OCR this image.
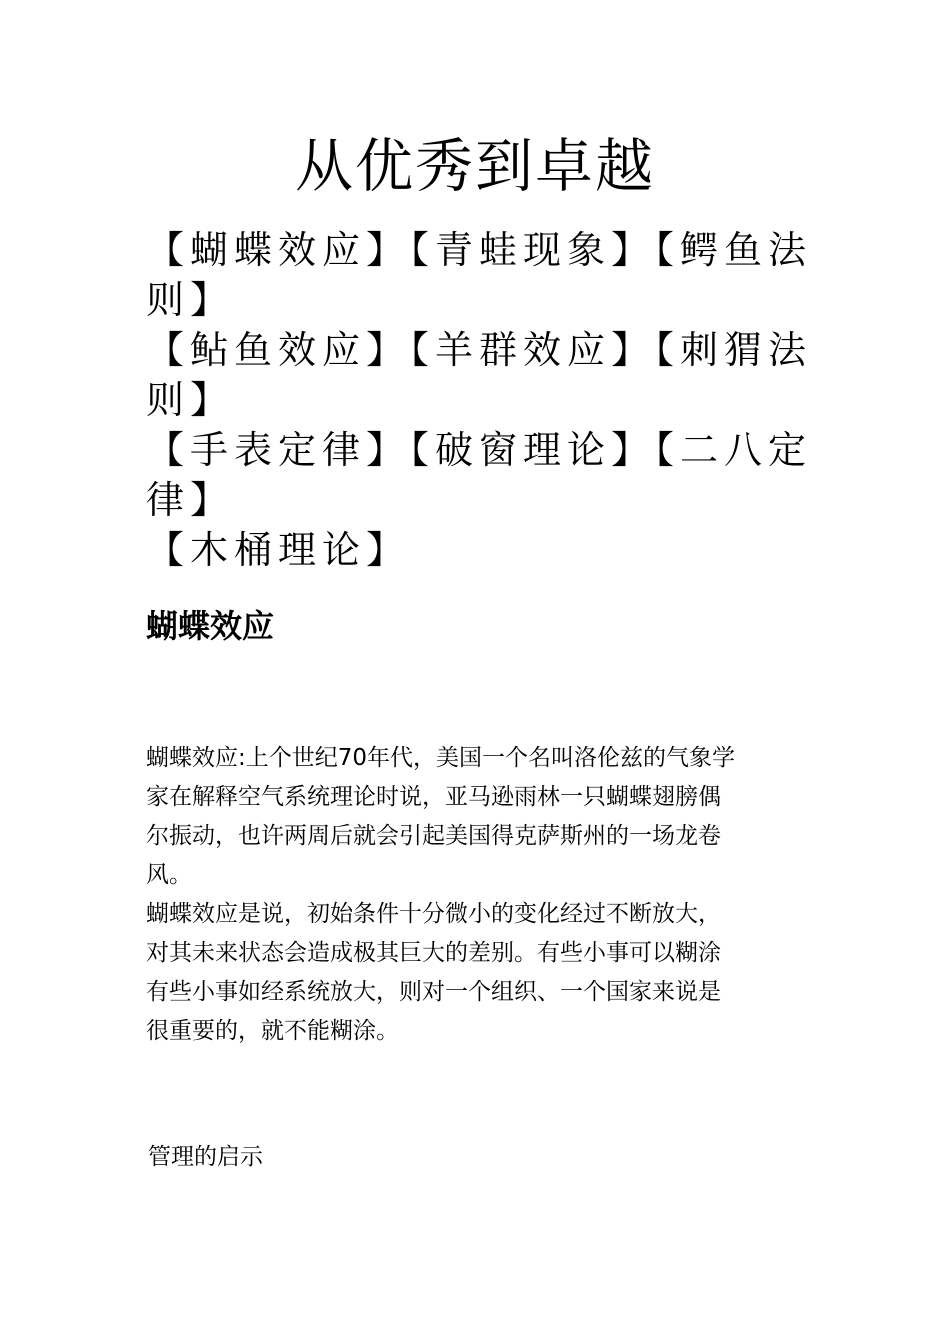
从优秀到卓越
【蝴蝶效应】【青蛙现象】【鳄鱼法
则】
【鲇鱼效应】【羊群效应】【刺猬法
则】
【手表定律】【破窗理论】【二八定
律】
【木桶理论】
蝴蝶效应
蝴蝶效应:上个世纪70年代，美国一个名叫洛伦兹的气象学
家在解释空气系统理论时说，亚马逊雨林一只蝴蝶翅膀偶
尔振动，也许两周后就会引起美国得克萨斯州的一场龙卷
风。
蝴蝶效应是说，初始条件十分微小的变化经过不断放大，
对其未来状态会造成极其巨大的差别。有些小事可以糊涂
有些小事如经系统放大，则对一个组织、一个国家来说是
很重要的，就不能糊涂。
管理的启示
